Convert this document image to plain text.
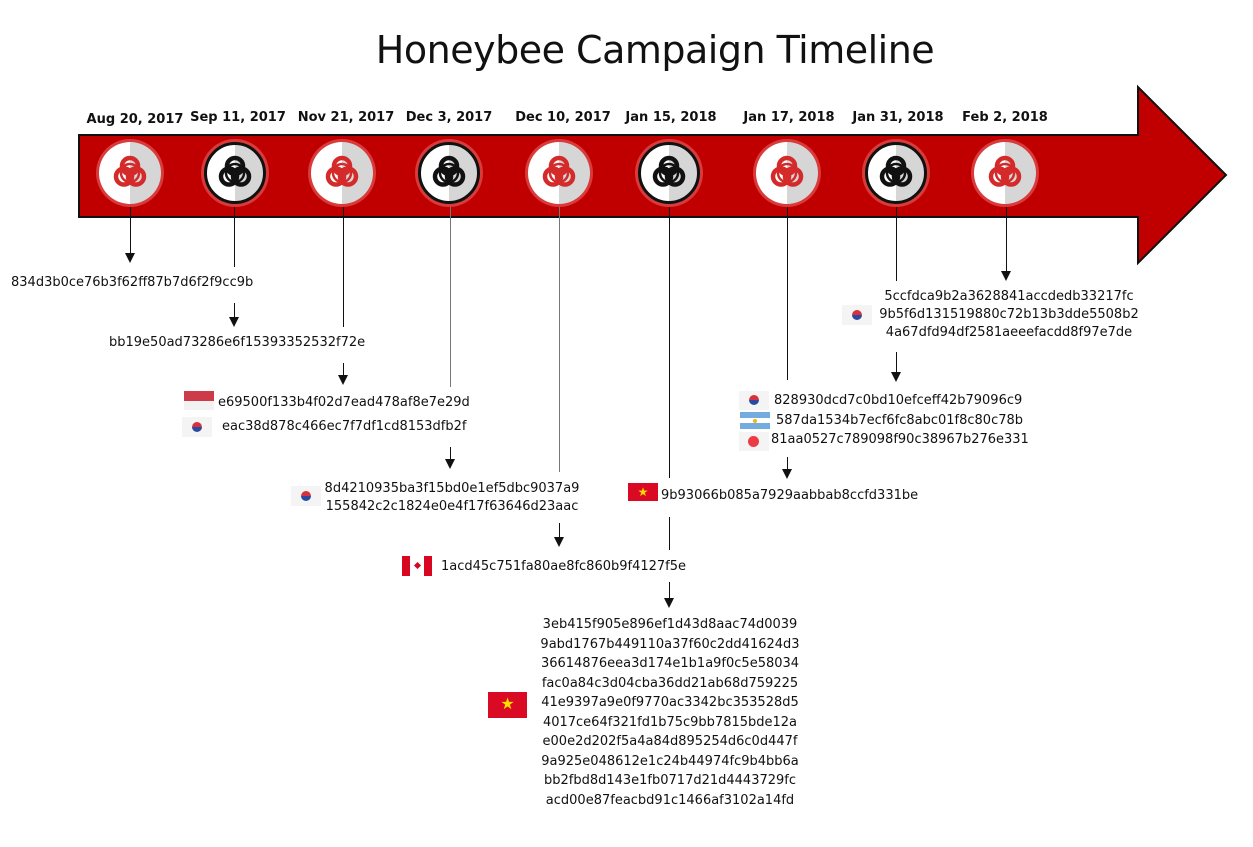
Honeybee Campaign Timeline
Aug 20, 2017 Sep 11, 2017 Nov 21, 2017 Dec 3, 2017 Dec 10, 2017 Jan 15, 2018 Jan 17, 2018 Jan 31, 2018 Feb 2, 2018
834d3b0ce76b3f62ff87b7d6f2f9cc9b
bb19e50ad73286e6f15393352532f72e
e69500f133b4f02d7ead478af8e7e29d
eac38d878c466ec7f7df1cd8153dfb2f
8d4210935ba3f15bd0e1ef5dbc9037a9
155842c2c1824e0e4f17f63646d23aac
1acd45c751fa80ae8fc860b9f4127f5e
★ 9b93066b085a7929aabbab8ccfd331be
★
3eb415f905e896ef1d43d8aac74d0039
9abd1767b449110a37f60c2dd41624d3
36614876eea3d174e1b1a9f0c5e58034
fac0a84c3d04cba36dd21ab68d759225
41e9397a9e0f9770ac3342bc353528d5
4017ce64f321fd1b75c9bb7815bde12a
e00e2d202f5a4a84d895254d6c0d447f
9a925e048612e1c24b44974fc9b4bb6a
bb2fbd8d143e1fb0717d21d4443729fc
acd00e87feacbd91c1466af3102a14fd
828930dcd7c0bd10efceff42b79096c9
587da1534b7ecf6fc8abc01f8c80c78b
81aa0527c789098f90c38967b276e331
5ccfdca9b2a3628841accdedb33217fc
9b5f6d131519880c72b13b3dde5508b2
4a67dfd94df2581aeeefacdd8f97e7de
